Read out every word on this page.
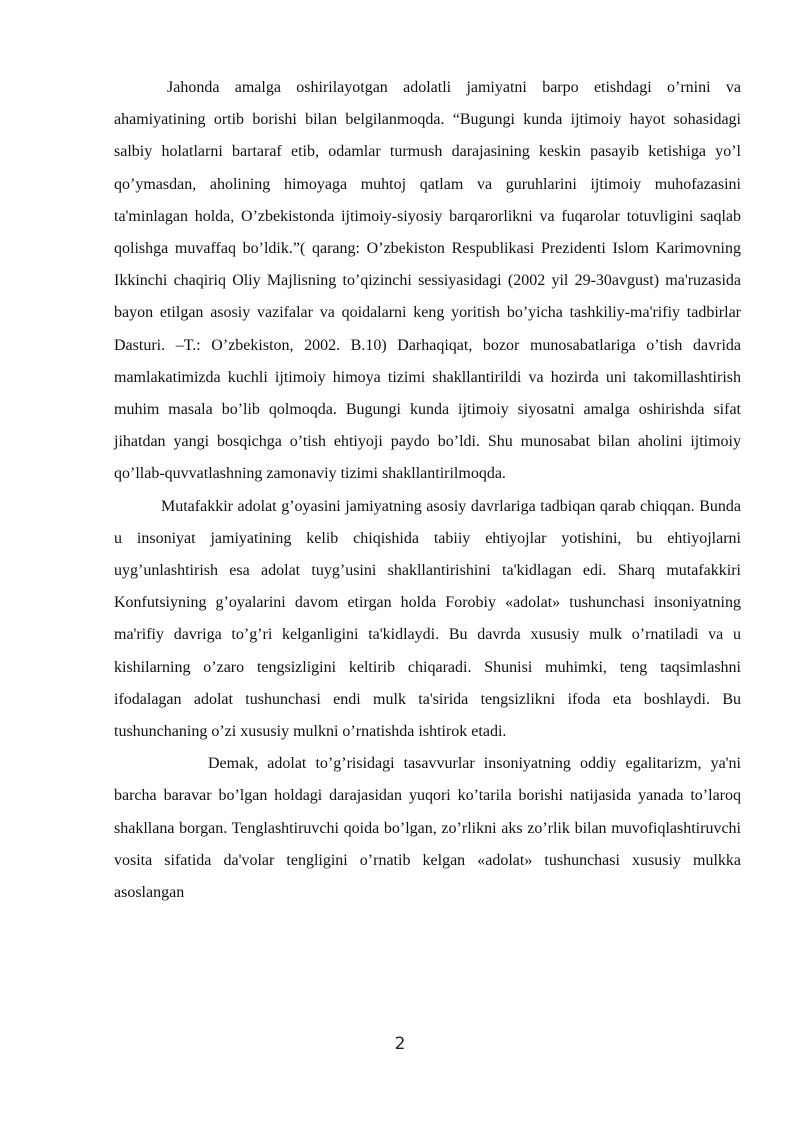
Jahonda amalga oshirilayotgan adolatli jamiyatni barpo etishdagi o’rnini va ahamiyatining ortib borishi bilan belgilanmoqda. “Bugungi kunda ijtimoiy hayot sohasidagi salbiy holatlarni bartaraf etib, odamlar turmush darajasining keskin pasayib ketishiga yo’l qo’ymasdan, aholining himoyaga muhtoj qatlam va guruhlarini ijtimoiy muhofazasini ta'minlagan holda, O’zbekistonda ijtimoiy-siyosiy barqarorlikni va fuqarolar totuvligini saqlab qolishga muvaffaq bo’ldik.”( qarang: O’zbekiston Respublikasi Prezidenti Islom Karimovning Ikkinchi chaqiriq Oliy Majlisning to’qizinchi sessiyasidagi (2002 yil 29-30avgust) ma'ruzasida bayon etilgan asosiy vazifalar va qoidalarni keng yoritish bo’yicha tashkiliy-ma'rifiy tadbirlar Dasturi. –T.: O’zbekiston, 2002. B.10) Darhaqiqat, bozor munosabatlariga o’tish davrida mamlakatimizda kuchli ijtimoiy himoya tizimi shakllantirildi va hozirda uni takomillashtirish muhim masala bo’lib qolmoqda. Bugungi kunda ijtimoiy siyosatni amalga oshirishda sifat jihatdan yangi bosqichga o’tish ehtiyoji paydo bo’ldi. Shu munosabat bilan aholini ijtimoiy qo’llab-quvvatlashning zamonaviy tizimi shakllantirilmoqda.

Mutafakkir adolat g’oyasini jamiyatning asosiy davrlariga tadbiqan qarab chiqqan. Bunda u insoniyat jamiyatining kelib chiqishida tabiiy ehtiyojlar yotishini, bu ehtiyojlarni uyg’unlashtirish esa adolat tuyg’usini shakllantirishini ta'kidlagan edi. Sharq mutafakkiri Konfutsiyning g’oyalarini davom etirgan holda Forobiy «adolat» tushunchasi insoniyatning ma'rifiy davriga to’g’ri kelganligini ta'kidlaydi. Bu davrda xususiy mulk o’rnatiladi va u kishilarning o’zaro tengsizligini keltirib chiqaradi. Shunisi muhimki, teng taqsimlashni ifodalagan adolat tushunchasi endi mulk ta'sirida tengsizlikni ifoda eta boshlaydi. Bu tushunchaning o’zi xususiy mulkni o’rnatishda ishtirok etadi.

Demak, adolat to’g’risidagi tasavvurlar insoniyatning oddiy egalitarizm, ya'ni barcha baravar bo’lgan holdagi darajasidan yuqori ko’tarila borishi natijasida yanada to’laroq shakllana borgan. Tenglashtiruvchi qoida bo’lgan, zo’rlikni aks zo’rlik bilan muvofiqlashtiruvchi vosita sifatida da'volar tengligini o’rnatib kelgan «adolat» tushunchasi xususiy mulkka asoslangan

2
